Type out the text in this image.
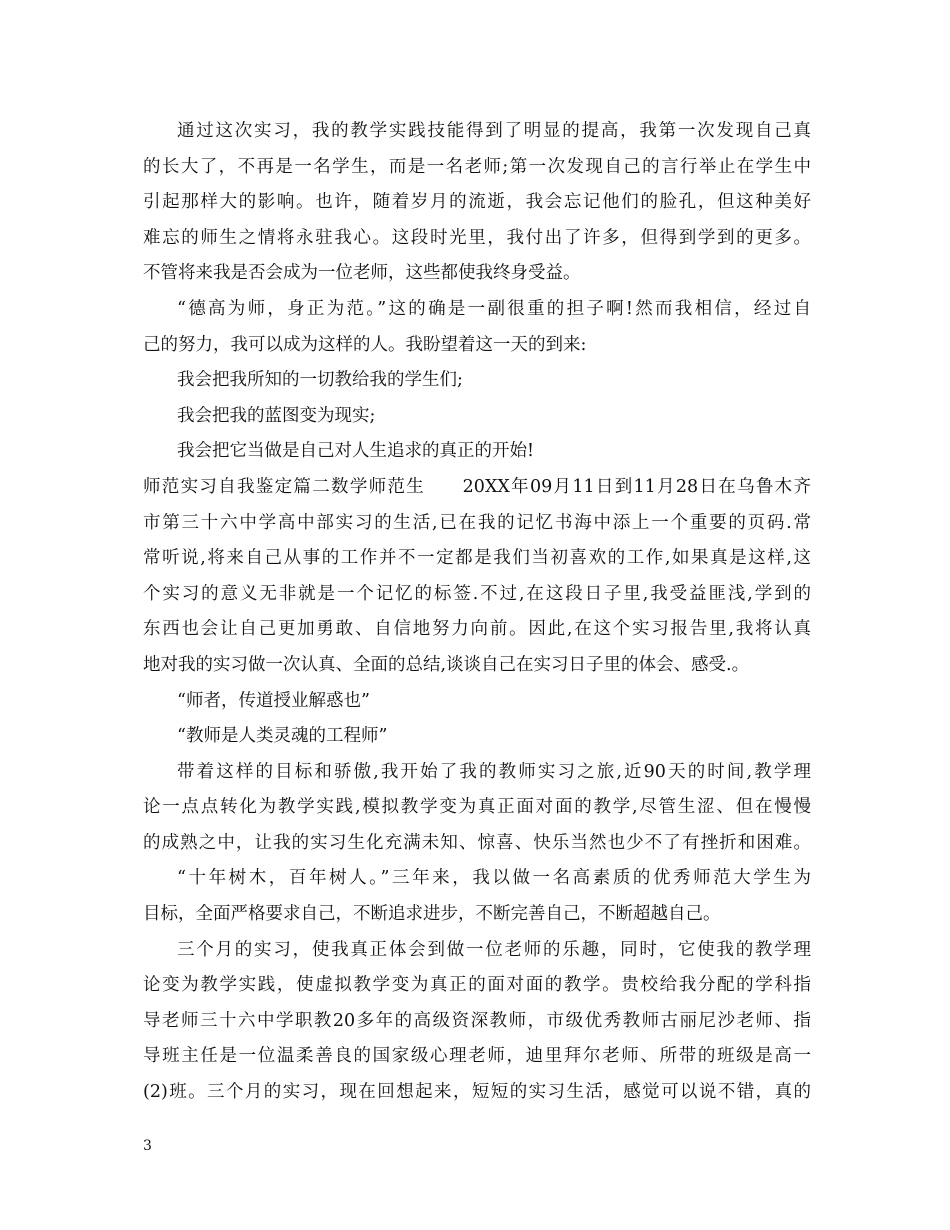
通过这次实习，我的教学实践技能得到了明显的提高，我第一次发现自己真
的长大了，不再是一名学生，而是一名老师;第一次发现自己的言行举止在学生中
引起那样大的影响。也许，随着岁月的流逝，我会忘记他们的脸孔，但这种美好
难忘的师生之情将永驻我心。这段时光里，我付出了许多，但得到学到的更多。
不管将来我是否会成为一位老师，这些都使我终身受益。
“德高为师，身正为范。”这的确是一副很重的担子啊!然而我相信，经过自
己的努力，我可以成为这样的人。我盼望着这一天的到来:
我会把我所知的一切教给我的学生们;
我会把我的蓝图变为现实;
我会把它当做是自己对人生追求的真正的开始!
师范实习自我鉴定篇二数学师范生　　20XX年09月11日到11月28日在乌鲁木齐
市第三十六中学高中部实习的生活,已在我的记忆书海中添上一个重要的页码.常
常听说,将来自己从事的工作并不一定都是我们当初喜欢的工作,如果真是这样,这
个实习的意义无非就是一个记忆的标签.不过,在这段日子里,我受益匪浅,学到的
东西也会让自己更加勇敢、自信地努力向前。因此,在这个实习报告里,我将认真
地对我的实习做一次认真、全面的总结,谈谈自己在实习日子里的体会、感受.。
“师者，传道授业解惑也”
“教师是人类灵魂的工程师”
带着这样的目标和骄傲,我开始了我的教师实习之旅,近90天的时间,教学理
论一点点转化为教学实践,模拟教学变为真正面对面的教学,尽管生涩、但在慢慢
的成熟之中，让我的实习生化充满未知、惊喜、快乐当然也少不了有挫折和困难。
“十年树木，百年树人。”三年来，我以做一名高素质的优秀师范大学生为
目标，全面严格要求自己，不断追求进步，不断完善自己，不断超越自己。
三个月的实习，使我真正体会到做一位老师的乐趣，同时，它使我的教学理
论变为教学实践，使虚拟教学变为真正的面对面的教学。贵校给我分配的学科指
导老师三十六中学职教20多年的高级资深教师，市级优秀教师古丽尼沙老师、指
导班主任是一位温柔善良的国家级心理老师，迪里拜尔老师、所带的班级是高一
(2)班。三个月的实习，现在回想起来，短短的实习生活，感觉可以说不错，真的
3
